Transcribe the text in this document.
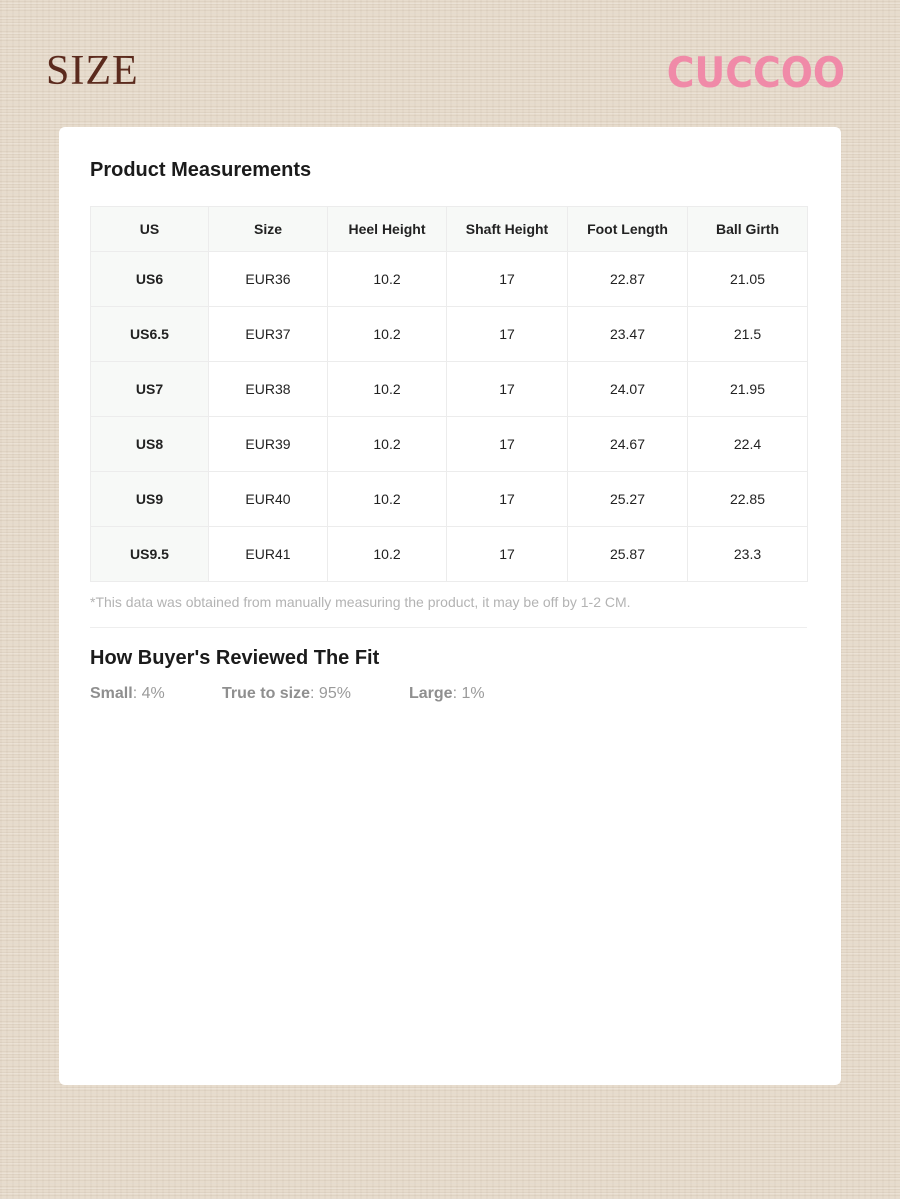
SIZE	CUCCOO
Product Measurements
US	Size	Heel Height	Shaft Height	Foot Length	Ball Girth
US6	EUR36	10.2	17	22.87	21.05
US6.5	EUR37	10.2	17	23.47	21.5
US7	EUR38	10.2	17	24.07	21.95
US8	EUR39	10.2	17	24.67	22.4
US9	EUR40	10.2	17	25.27	22.85
US9.5	EUR41	10.2	17	25.87	23.3
*This data was obtained from manually measuring the product, it may be off by 1-2 CM.
How Buyer's Reviewed The Fit
Small: 4%	True to size: 95%	Large: 1%
